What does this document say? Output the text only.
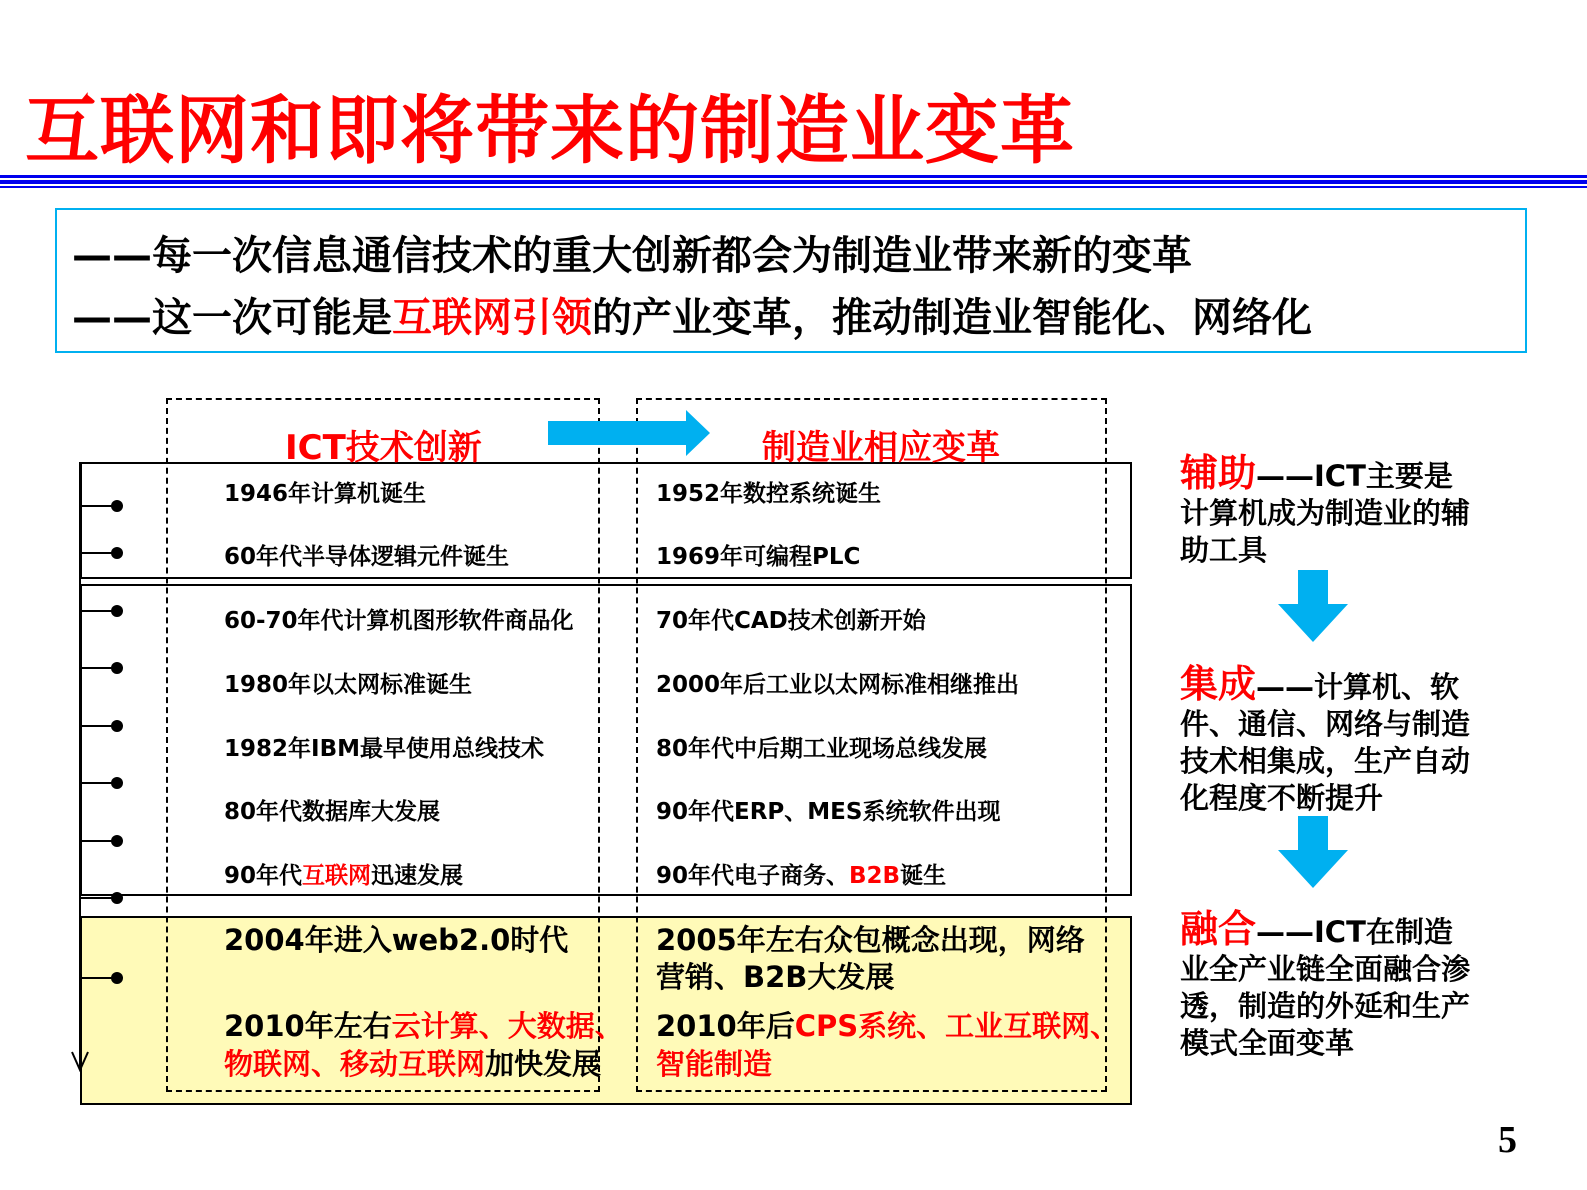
互联网和即将带来的制造业变革
——每一次信息通信技术的重大创新都会为制造业带来新的变革
——这一次可能是互联网引领的产业变革，推动制造业智能化、网络化
ICT技术创新	制造业相应变革
1946年计算机诞生
60年代半导体逻辑元件诞生
60-70年代计算机图形软件商品化
1980年以太网标准诞生
1982年IBM最早使用总线技术
80年代数据库大发展
90年代互联网迅速发展
1952年数控系统诞生
1969年可编程PLC
70年代CAD技术创新开始
2000年后工业以太网标准相继推出
80年代中后期工业现场总线发展
90年代ERP、MES系统软件出现
90年代电子商务、B2B诞生
2004年进入web2.0时代
2010年左右云计算、大数据、
物联网、移动互联网加快发展
2005年左右众包概念出现，网络
营销、B2B大发展
2010年后CPS系统、工业互联网、
智能制造
辅助——ICT主要是计算机成为制造业的辅助工具
集成——计算机、软件、通信、网络与制造技术相集成，生产自动化程度不断提升
融合——ICT在制造业全产业链全面融合渗透，制造的外延和生产模式全面变革
5
